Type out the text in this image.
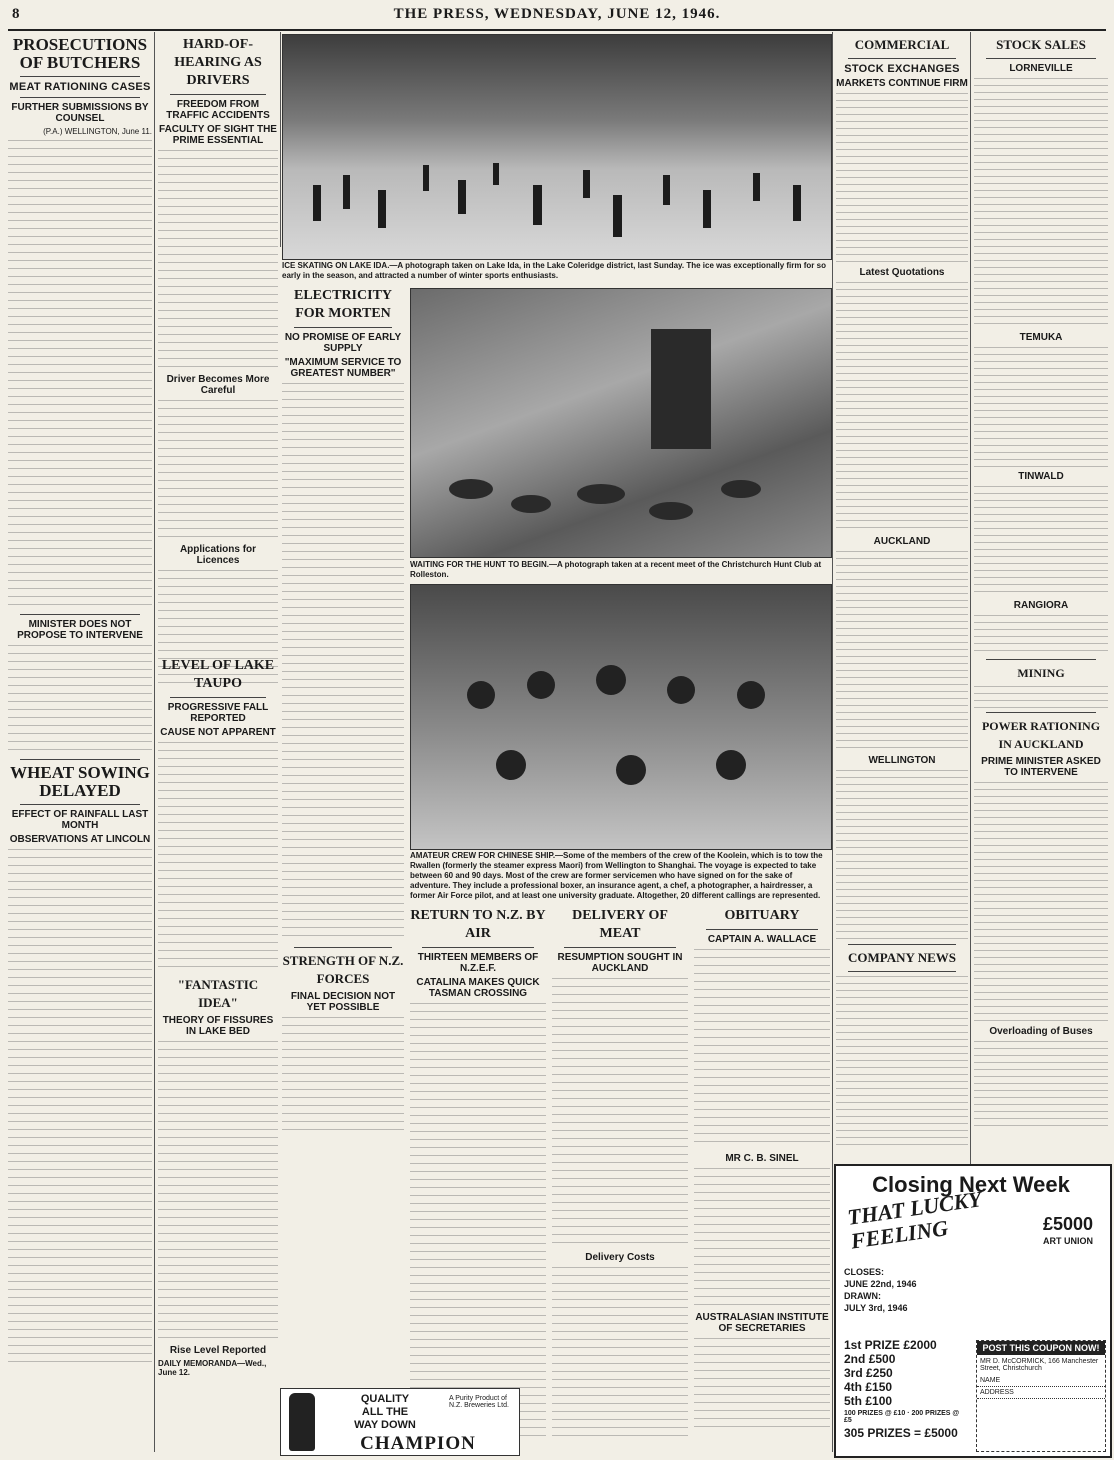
8	THE PRESS, WEDNESDAY, JUNE 12, 1946.
PROSECUTIONS OF BUTCHERS
MEAT RATIONING CASES
FURTHER SUBMISSIONS BY COUNSEL
(P.A.) WELLINGTON, June 11.
MINISTER DOES NOT PROPOSE TO INTERVENE
WHEAT SOWING DELAYED
EFFECT OF RAINFALL LAST MONTH
OBSERVATIONS AT LINCOLN
HARD-OF-HEARING AS DRIVERS
FREEDOM FROM TRAFFIC ACCIDENTS
FACULTY OF SIGHT THE PRIME ESSENTIAL
Driver Becomes More Careful
Applications for Licences
LEVEL OF LAKE TAUPO
PROGRESSIVE FALL REPORTED
CAUSE NOT APPARENT
"FANTASTIC IDEA"
THEORY OF FISSURES IN LAKE BED
Rise Level Reported
DAILY MEMORANDA—Wed., June 12.
ICE SKATING ON LAKE IDA.—A photograph taken on Lake Ida, in the Lake Coleridge district, last Sunday. The ice was exceptionally firm for so early in the season, and attracted a number of winter sports enthusiasts.
ELECTRICITY FOR MORTEN
NO PROMISE OF EARLY SUPPLY
"MAXIMUM SERVICE TO GREATEST NUMBER"
STRENGTH OF N.Z. FORCES
FINAL DECISION NOT YET POSSIBLE
WAITING FOR THE HUNT TO BEGIN.—A photograph taken at a recent meet of the Christchurch Hunt Club at Rolleston.
AMATEUR CREW FOR CHINESE SHIP.—Some of the members of the crew of the Koolein, which is to tow the Rwallen (formerly the steamer express Maori) from Wellington to Shanghai. The voyage is expected to take between 60 and 90 days. Most of the crew are former servicemen who have signed on for the sake of adventure. They include a professional boxer, an insurance agent, a chef, a photographer, a hairdresser, a former Air Force pilot, and at least one university graduate. Altogether, 20 different callings are represented.
RETURN TO N.Z. BY AIR
THIRTEEN MEMBERS OF N.Z.E.F.
CATALINA MAKES QUICK TASMAN CROSSING
DELIVERY OF MEAT
RESUMPTION SOUGHT IN AUCKLAND
Delivery Costs
OBITUARY
CAPTAIN A. WALLACE
MR C. B. SINEL
AUSTRALASIAN INSTITUTE OF SECRETARIES
QUALITY
ALL THE
WAY DOWN
A Purity Product of N.Z. Breweries Ltd.
CHAMPION
COMMERCIAL
STOCK EXCHANGES
MARKETS CONTINUE FIRM
Latest Quotations
AUCKLAND
WELLINGTON
COMPANY NEWS
STOCK SALES
LORNEVILLE
TEMUKA
TINWALD
RANGIORA
MINING
POWER RATIONING IN AUCKLAND
PRIME MINISTER ASKED TO INTERVENE
Overloading of Buses
Closing Next Week
THAT LUCKY FEELING	£5000
ART UNION
CLOSES:
JUNE 22nd, 1946
DRAWN:
JULY 3rd, 1946
1st PRIZE £2000
2nd £500
3rd £250
4th £150
5th £100
100 PRIZES @ £10 · 200 PRIZES @ £5
305 PRIZES = £5000
POST THIS COUPON NOW!
MR D. McCORMICK, 166 Manchester Street, Christchurch
NAME
ADDRESS
